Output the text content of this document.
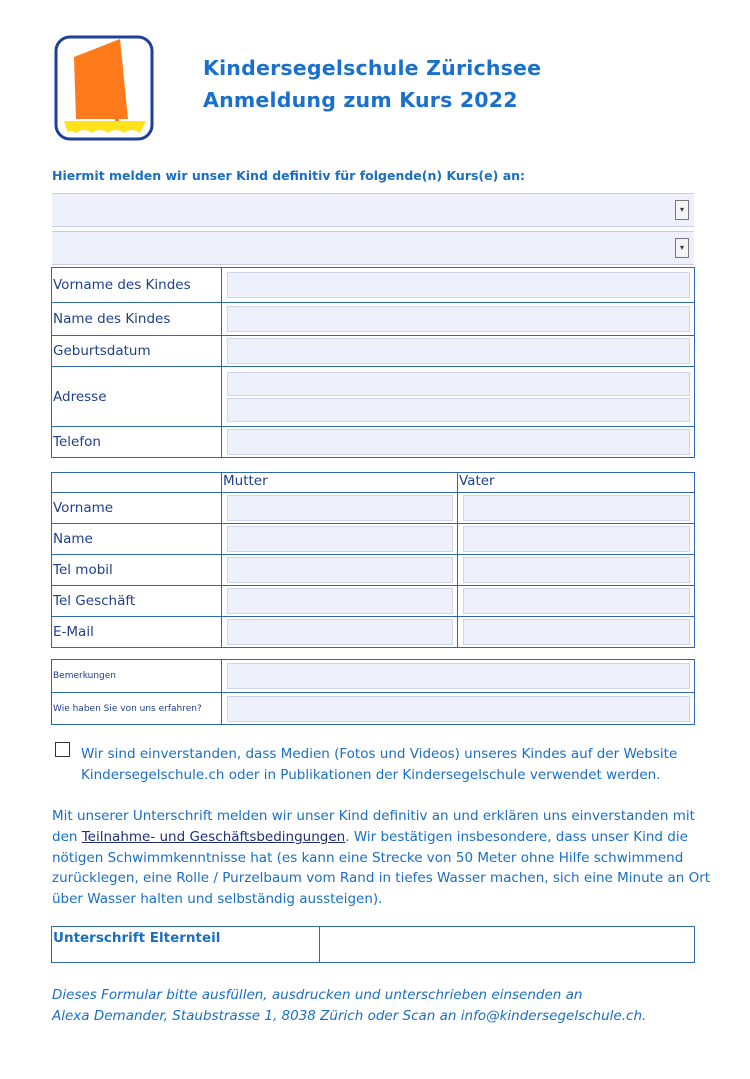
Kindersegelschule Zürichsee
Anmeldung zum Kurs 2022
Hiermit melden wir unser Kind definitiv für folgende(n) Kurs(e) an:
▾
▾
Vorname des Kindes	

Name des Kindes	

Geburtsdatum	

Adresse	

Telefon	
	Mutter	Vater
Vorname	

Name	

Tel mobil	

Tel Geschäft	

E-Mail	

Bemerkungen	

Wie haben Sie von uns erfahren?	
Wir sind einverstanden, dass Medien (Fotos und Videos) unseres Kindes auf der Website Kindersegelschule.ch oder in Publikationen der Kindersegelschule verwendet werden.
Mit unserer Unterschrift melden wir unser Kind definitiv an und erklären uns einverstanden mit den Teilnahme- und Geschäftsbedingungen. Wir bestätigen insbesondere, dass unser Kind die nötigen Schwimmkenntnisse hat (es kann eine Strecke von 50 Meter ohne Hilfe schwimmend zurücklegen, eine Rolle / Purzelbaum vom Rand in tiefes Wasser machen, sich eine Minute an Ort über Wasser halten und selbständig aussteigen).
Unterschrift Elternteil	
Dieses Formular bitte ausfüllen, ausdrucken und unterschrieben einsenden an
Alexa Demander, Staubstrasse 1, 8038 Zürich oder Scan an info@kindersegelschule.ch.
